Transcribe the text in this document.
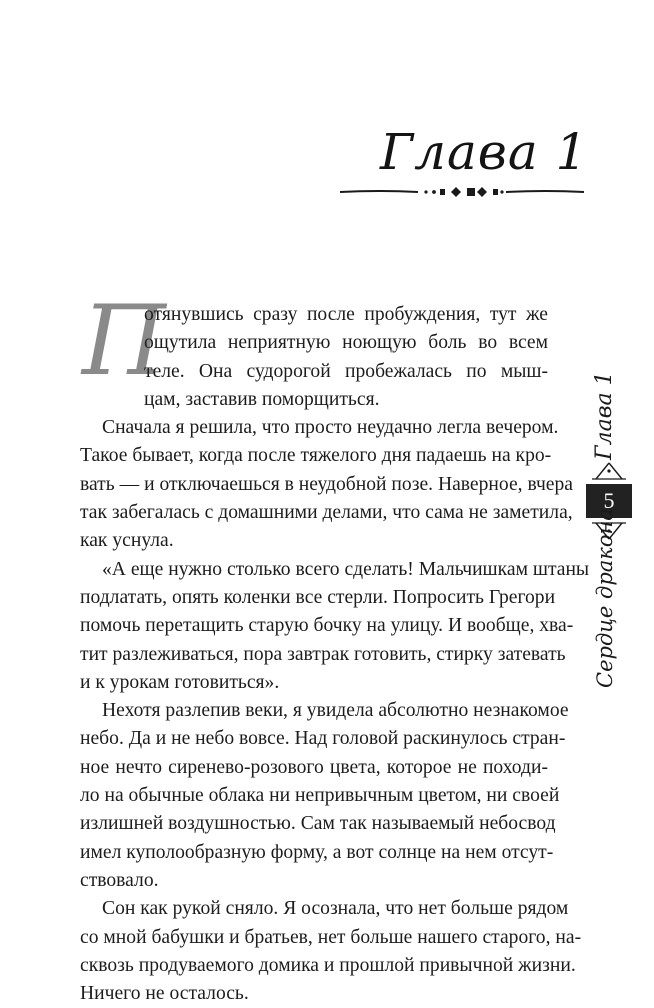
Глава 1
П
отянувшись сразу после пробуждения, тут же
ощутила неприятную ноющую боль во всем
теле. Она судорогой пробежалась по мыш-
цам, заставив поморщиться.
Сначала я решила, что просто неудачно легла вечером.
Такое бывает, когда после тяжелого дня падаешь на кро-
вать — и отключаешься в неудобной позе. Наверное, вчера
так забегалась с домашними делами, что сама не заметила,
как уснула.
«А еще нужно столько всего сделать! Мальчишкам штаны
подлатать, опять коленки все стерли. Попросить Грегори
помочь перетащить старую бочку на улицу. И вообще, хва-
тит разлеживаться, пора завтрак готовить, стирку затевать
и к урокам готовиться».
Нехотя разлепив веки, я увидела абсолютно незнакомое
небо. Да и не небо вовсе. Над головой раскинулось стран-
ное нечто сиренево-розового цвета, которое не походи-
ло на обычные облака ни непривычным цветом, ни своей
излишней воздушностью. Сам так называемый небосвод
имел куполообразную форму, а вот солнце на нем отсут-
ствовало.
Сон как рукой сняло. Я осознала, что нет больше рядом
со мной бабушки и братьев, нет больше нашего старого, на-
сквозь продуваемого домика и прошлой привычной жизни.
Ничего не осталось.
Глава 1
5
Сердце дракона
